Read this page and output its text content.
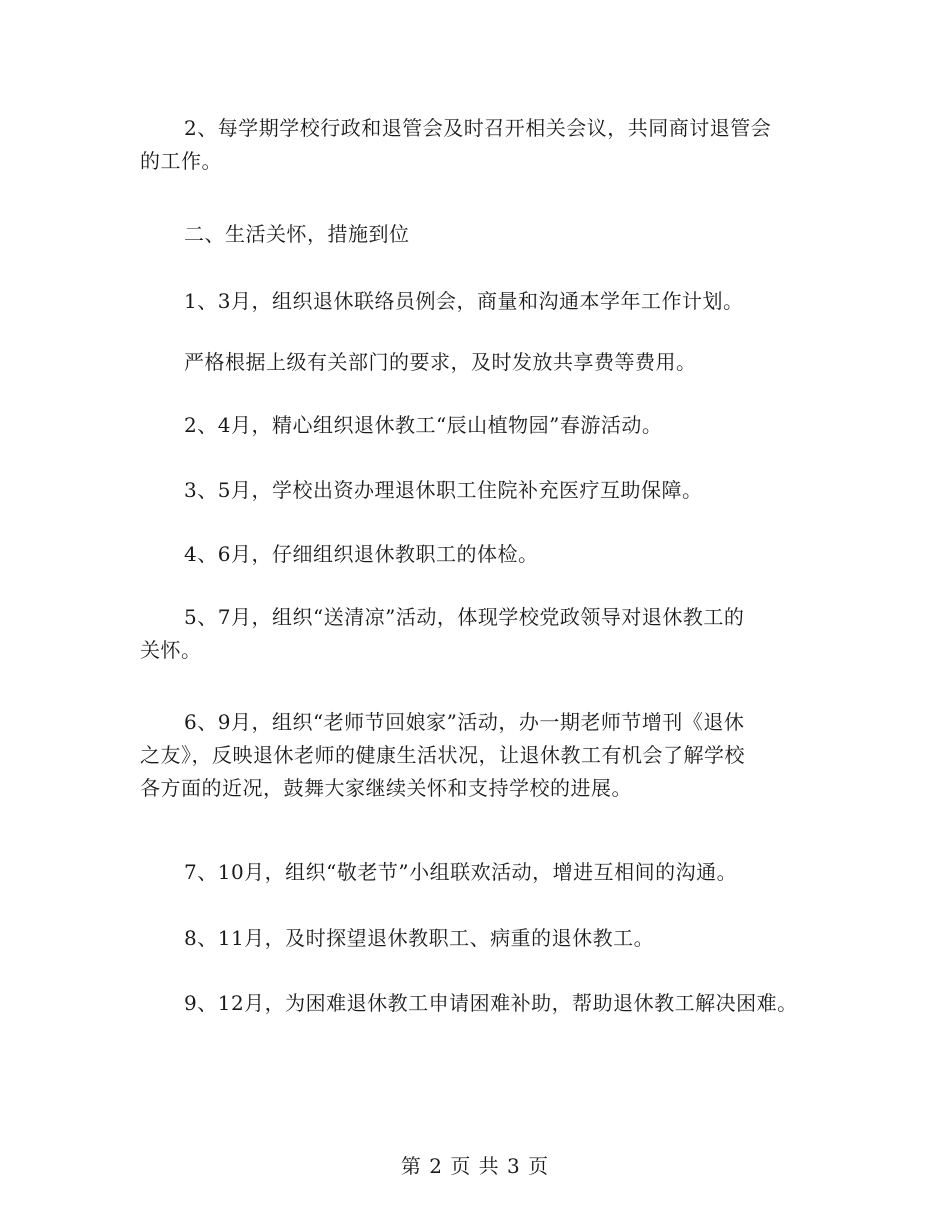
2、每学期学校行政和退管会及时召开相关会议，共同商讨退管会
的工作。

二、生活关怀，措施到位

1、3月，组织退休联络员例会，商量和沟通本学年工作计划。

严格根据上级有关部门的要求，及时发放共享费等费用。

2、4月，精心组织退休教工“辰山植物园”春游活动。

3、5月，学校出资办理退休职工住院补充医疗互助保障。

4、6月，仔细组织退休教职工的体检。

5、7月，组织“送清凉”活动，体现学校党政领导对退休教工的
关怀。

6、9月，组织“老师节回娘家”活动，办一期老师节增刊《退休
之友》，反映退休老师的健康生活状况，让退休教工有机会了解学校
各方面的近况，鼓舞大家继续关怀和支持学校的进展。

7、10月，组织“敬老节”小组联欢活动，增进互相间的沟通。

8、11月，及时探望退休教职工、病重的退休教工。

9、12月，为困难退休教工申请困难补助，帮助退休教工解决困难。

第 2 页 共 3 页
